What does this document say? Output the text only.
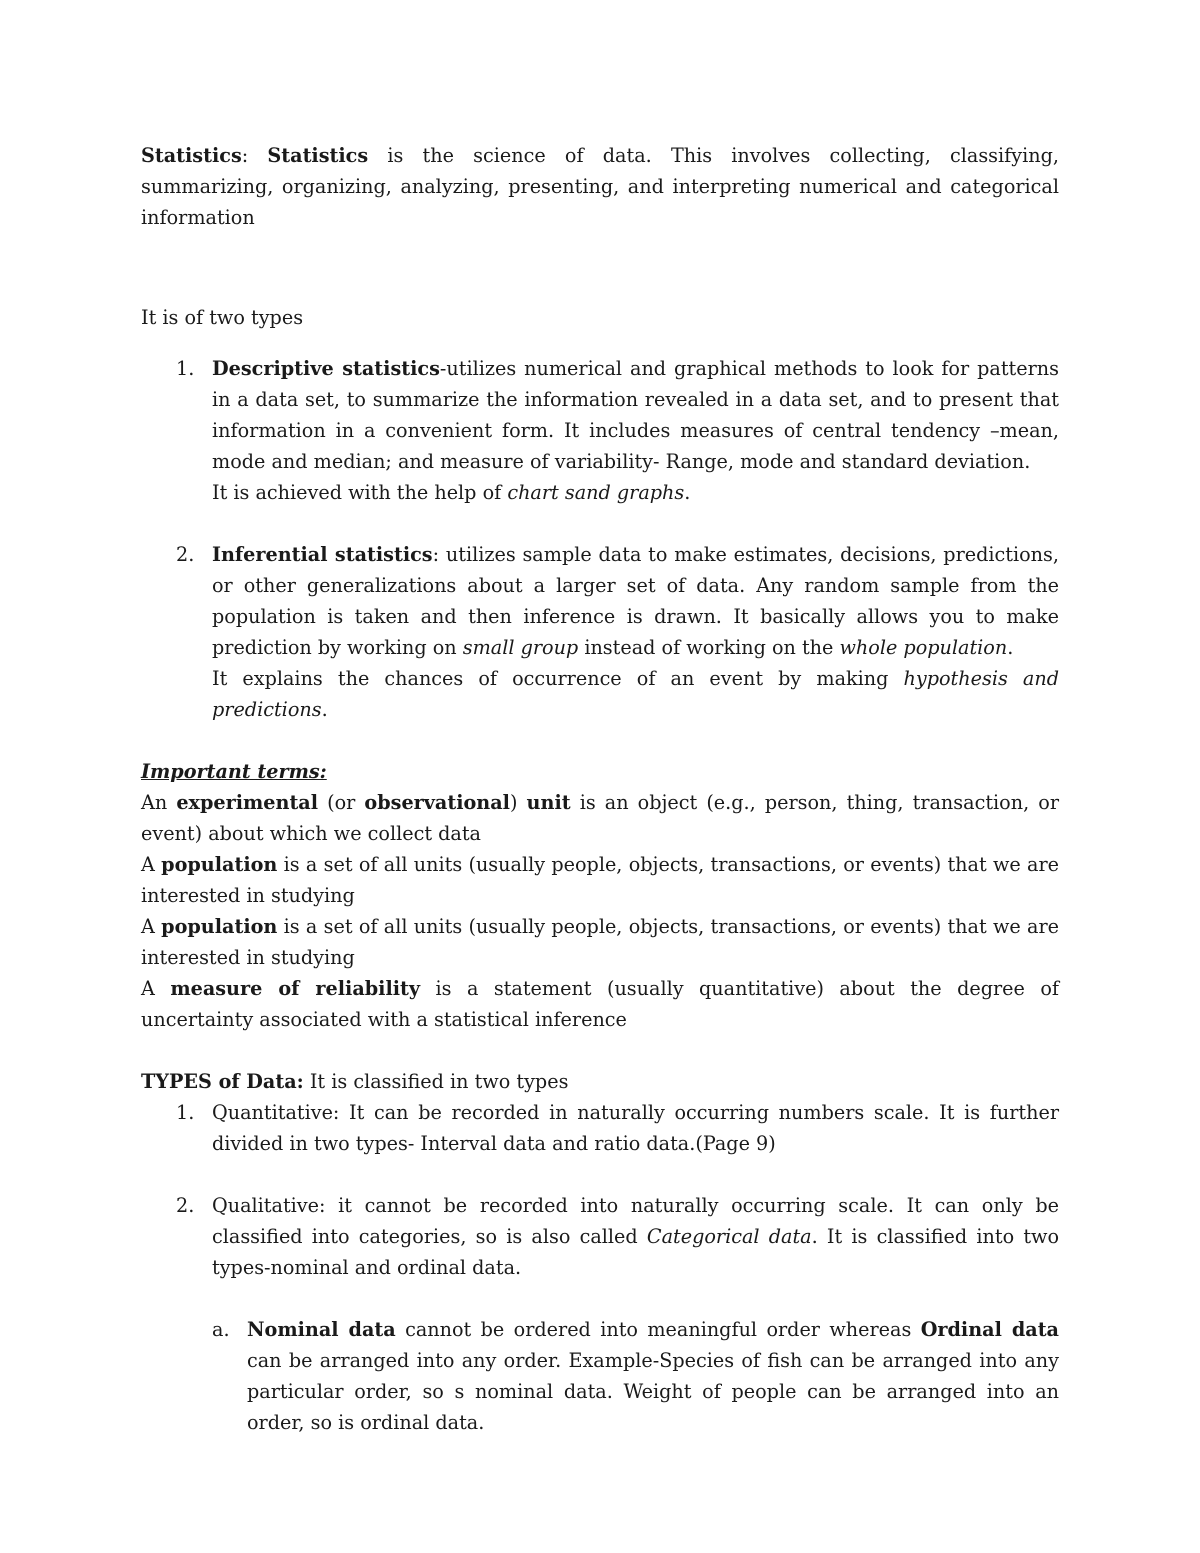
Statistics: Statistics is the science of data. This involves collecting, classifying, summarizing, organizing, analyzing, presenting, and interpreting numerical and categorical information

It is of two types

1. Descriptive statistics-utilizes numerical and graphical methods to look for patterns in a data set, to summarize the information revealed in a data set, and to present that information in a convenient form. It includes measures of central tendency –mean, mode and median; and measure of variability- Range, mode and standard deviation.
It is achieved with the help of chart sand graphs.
2. Inferential statistics: utilizes sample data to make estimates, decisions, predictions, or other generalizations about a larger set of data. Any random sample from the population is taken and then inference is drawn. It basically allows you to make prediction by working on small group instead of working on the whole population.
It explains the chances of occurrence of an event by making hypothesis and predictions.

Important terms:

An experimental (or observational) unit is an object (e.g., person, thing, transaction, or event) about which we collect data

A population is a set of all units (usually people, objects, transactions, or events) that we are interested in studying

A population is a set of all units (usually people, objects, transactions, or events) that we are interested in studying

A measure of reliability is a statement (usually quantitative) about the degree of uncertainty associated with a statistical inference

TYPES of Data: It is classified in two types

1. Quantitative: It can be recorded in naturally occurring numbers scale. It is further divided in two types- Interval data and ratio data.(Page 9)
2. Qualitative: it cannot be recorded into naturally occurring scale. It can only be classified into categories, so is also called Categorical data. It is classified into two types-nominal and ordinal data.
a. Nominal data cannot be ordered into meaningful order whereas Ordinal data can be arranged into any order. Example-Species of fish can be arranged into any particular order, so s nominal data. Weight of people can be arranged into an order, so is ordinal data.
